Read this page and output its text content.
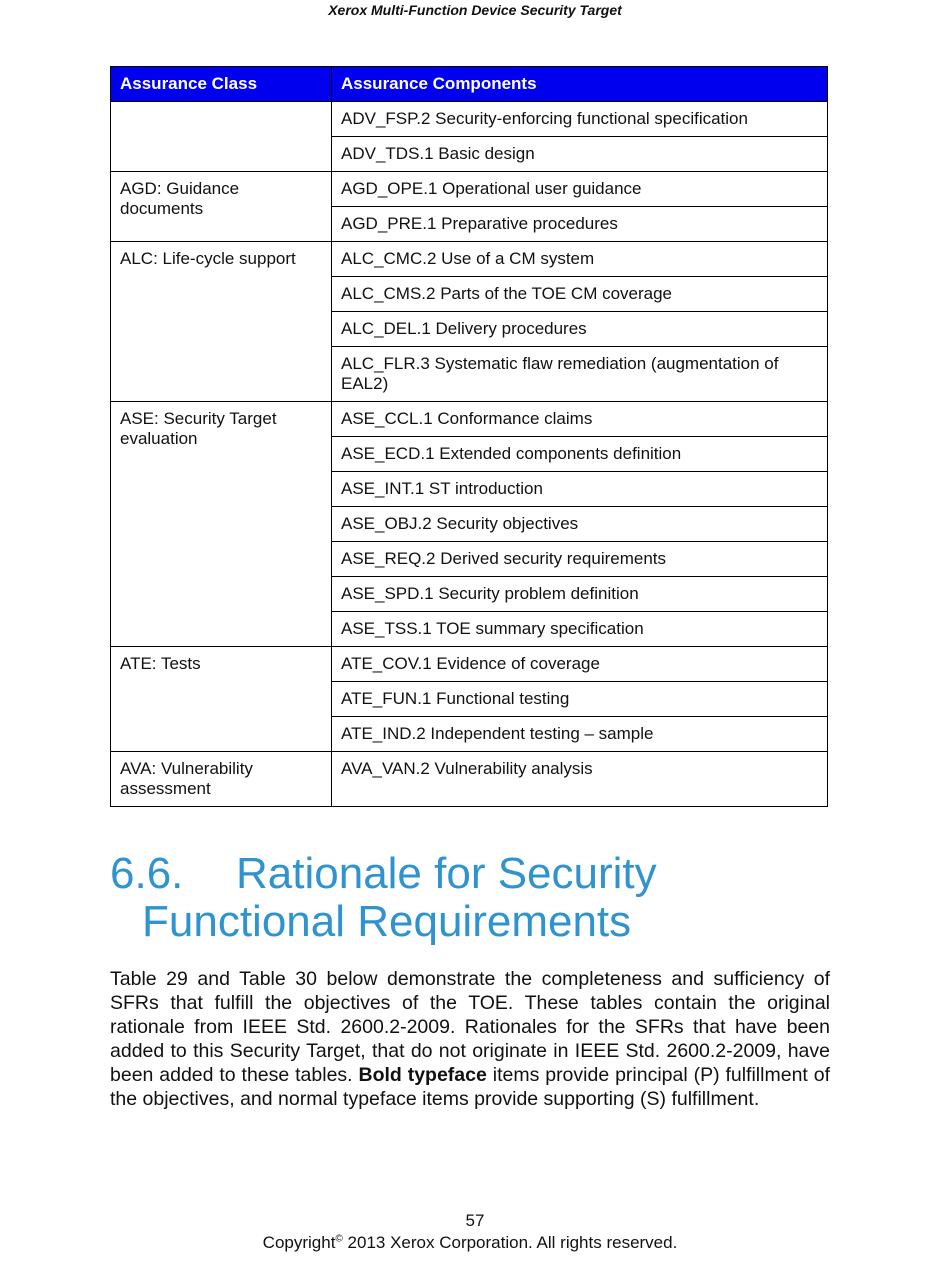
Xerox Multi-Function Device Security Target
Assurance Class	Assurance Components
	ADV_FSP.2 Security-enforcing functional specification
	ADV_TDS.1 Basic design
AGD: Guidance documents	AGD_OPE.1 Operational user guidance
	AGD_PRE.1 Preparative procedures
ALC: Life-cycle support	ALC_CMC.2 Use of a CM system
	ALC_CMS.2 Parts of the TOE CM coverage
	ALC_DEL.1 Delivery procedures
	ALC_FLR.3 Systematic flaw remediation (augmentation of EAL2)
ASE: Security Target evaluation	ASE_CCL.1 Conformance claims
	ASE_ECD.1 Extended components definition
	ASE_INT.1 ST introduction
	ASE_OBJ.2 Security objectives
	ASE_REQ.2 Derived security requirements
	ASE_SPD.1 Security problem definition
	ASE_TSS.1 TOE summary specification
ATE: Tests	ATE_COV.1 Evidence of coverage
	ATE_FUN.1 Functional testing
	ATE_IND.2 Independent testing – sample
AVA: Vulnerability assessment	AVA_VAN.2 Vulnerability analysis
6.6. Rationale for Security
Functional Requirements

Table 29 and Table 30 below demonstrate the completeness and sufficiency of SFRs that fulfill the objectives of the TOE. These tables contain the original rationale from IEEE Std. 2600.2-2009. Rationales for the SFRs that have been added to this Security Target, that do not originate in IEEE Std. 2600.2-2009, have been added to these tables. Bold typeface items provide principal (P) fulfillment of the objectives, and normal typeface items provide supporting (S) fulfillment.

57
Copyright© 2013 Xerox Corporation. All rights reserved.
